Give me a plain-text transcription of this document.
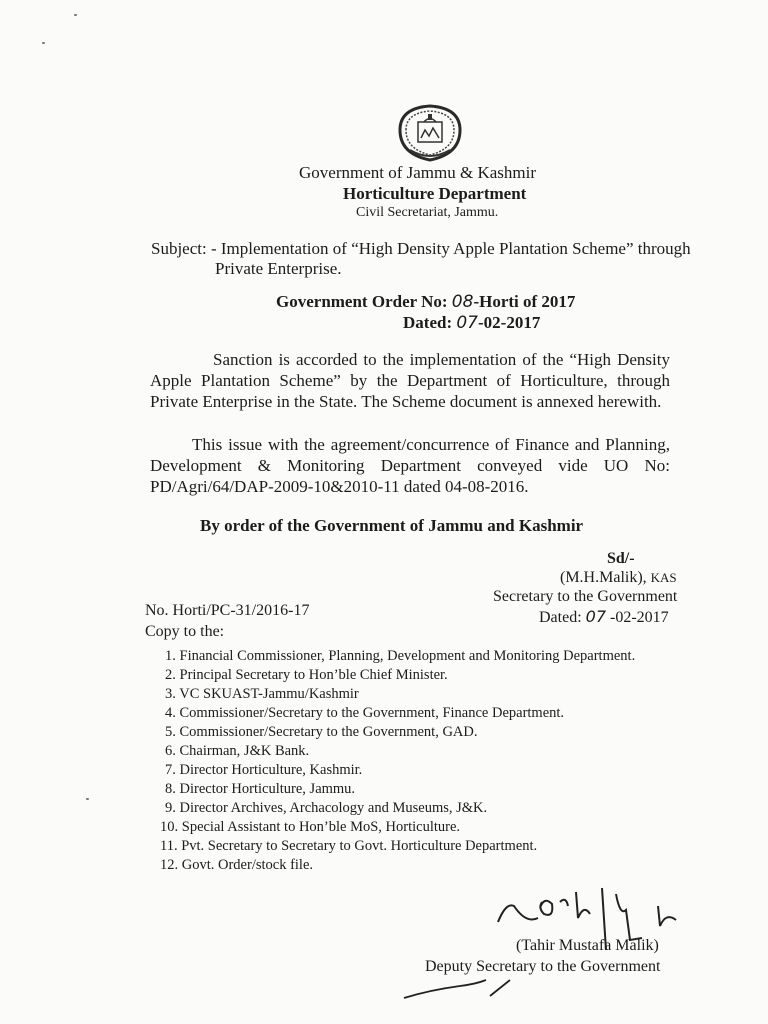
Government of Jammu & Kashmir
Horticulture Department
Civil Secretariat, Jammu.
Subject: - Implementation of “High Density Apple Plantation Scheme” through
Private Enterprise.
Government Order No: 08-Horti of 2017
Dated: 07-02-2017
Sanction is accorded to the implementation of the “High Density
Apple Plantation Scheme” by the Department of Horticulture, through
Private Enterprise in the State. The Scheme document is annexed herewith.
This issue with the agreement/concurrence of Finance and Planning,
Development & Monitoring Department conveyed vide UO No:
PD/Agri/64/DAP-2009-10&2010-11 dated 04-08-2016.
By order of the Government of Jammu and Kashmir
Sd/-
(M.H.Malik), KAS
Secretary to the Government
Dated: 07 -02-2017
No. Horti/PC-31/2016-17
Copy to the:
1. Financial Commissioner, Planning, Development and Monitoring Department.
2. Principal Secretary to Hon’ble Chief Minister.
3. VC SKUAST-Jammu/Kashmir
4. Commissioner/Secretary to the Government, Finance Department.
5. Commissioner/Secretary to the Government, GAD.
6. Chairman, J&K Bank.
7. Director Horticulture, Kashmir.
8. Director Horticulture, Jammu.
9. Director Archives, Archacology and Museums, J&K.
10. Special Assistant to Hon’ble MoS, Horticulture.
11. Pvt. Secretary to Secretary to Govt. Horticulture Department.
12. Govt. Order/stock file.
(Tahir Mustafa Malik)
Deputy Secretary to the Government
